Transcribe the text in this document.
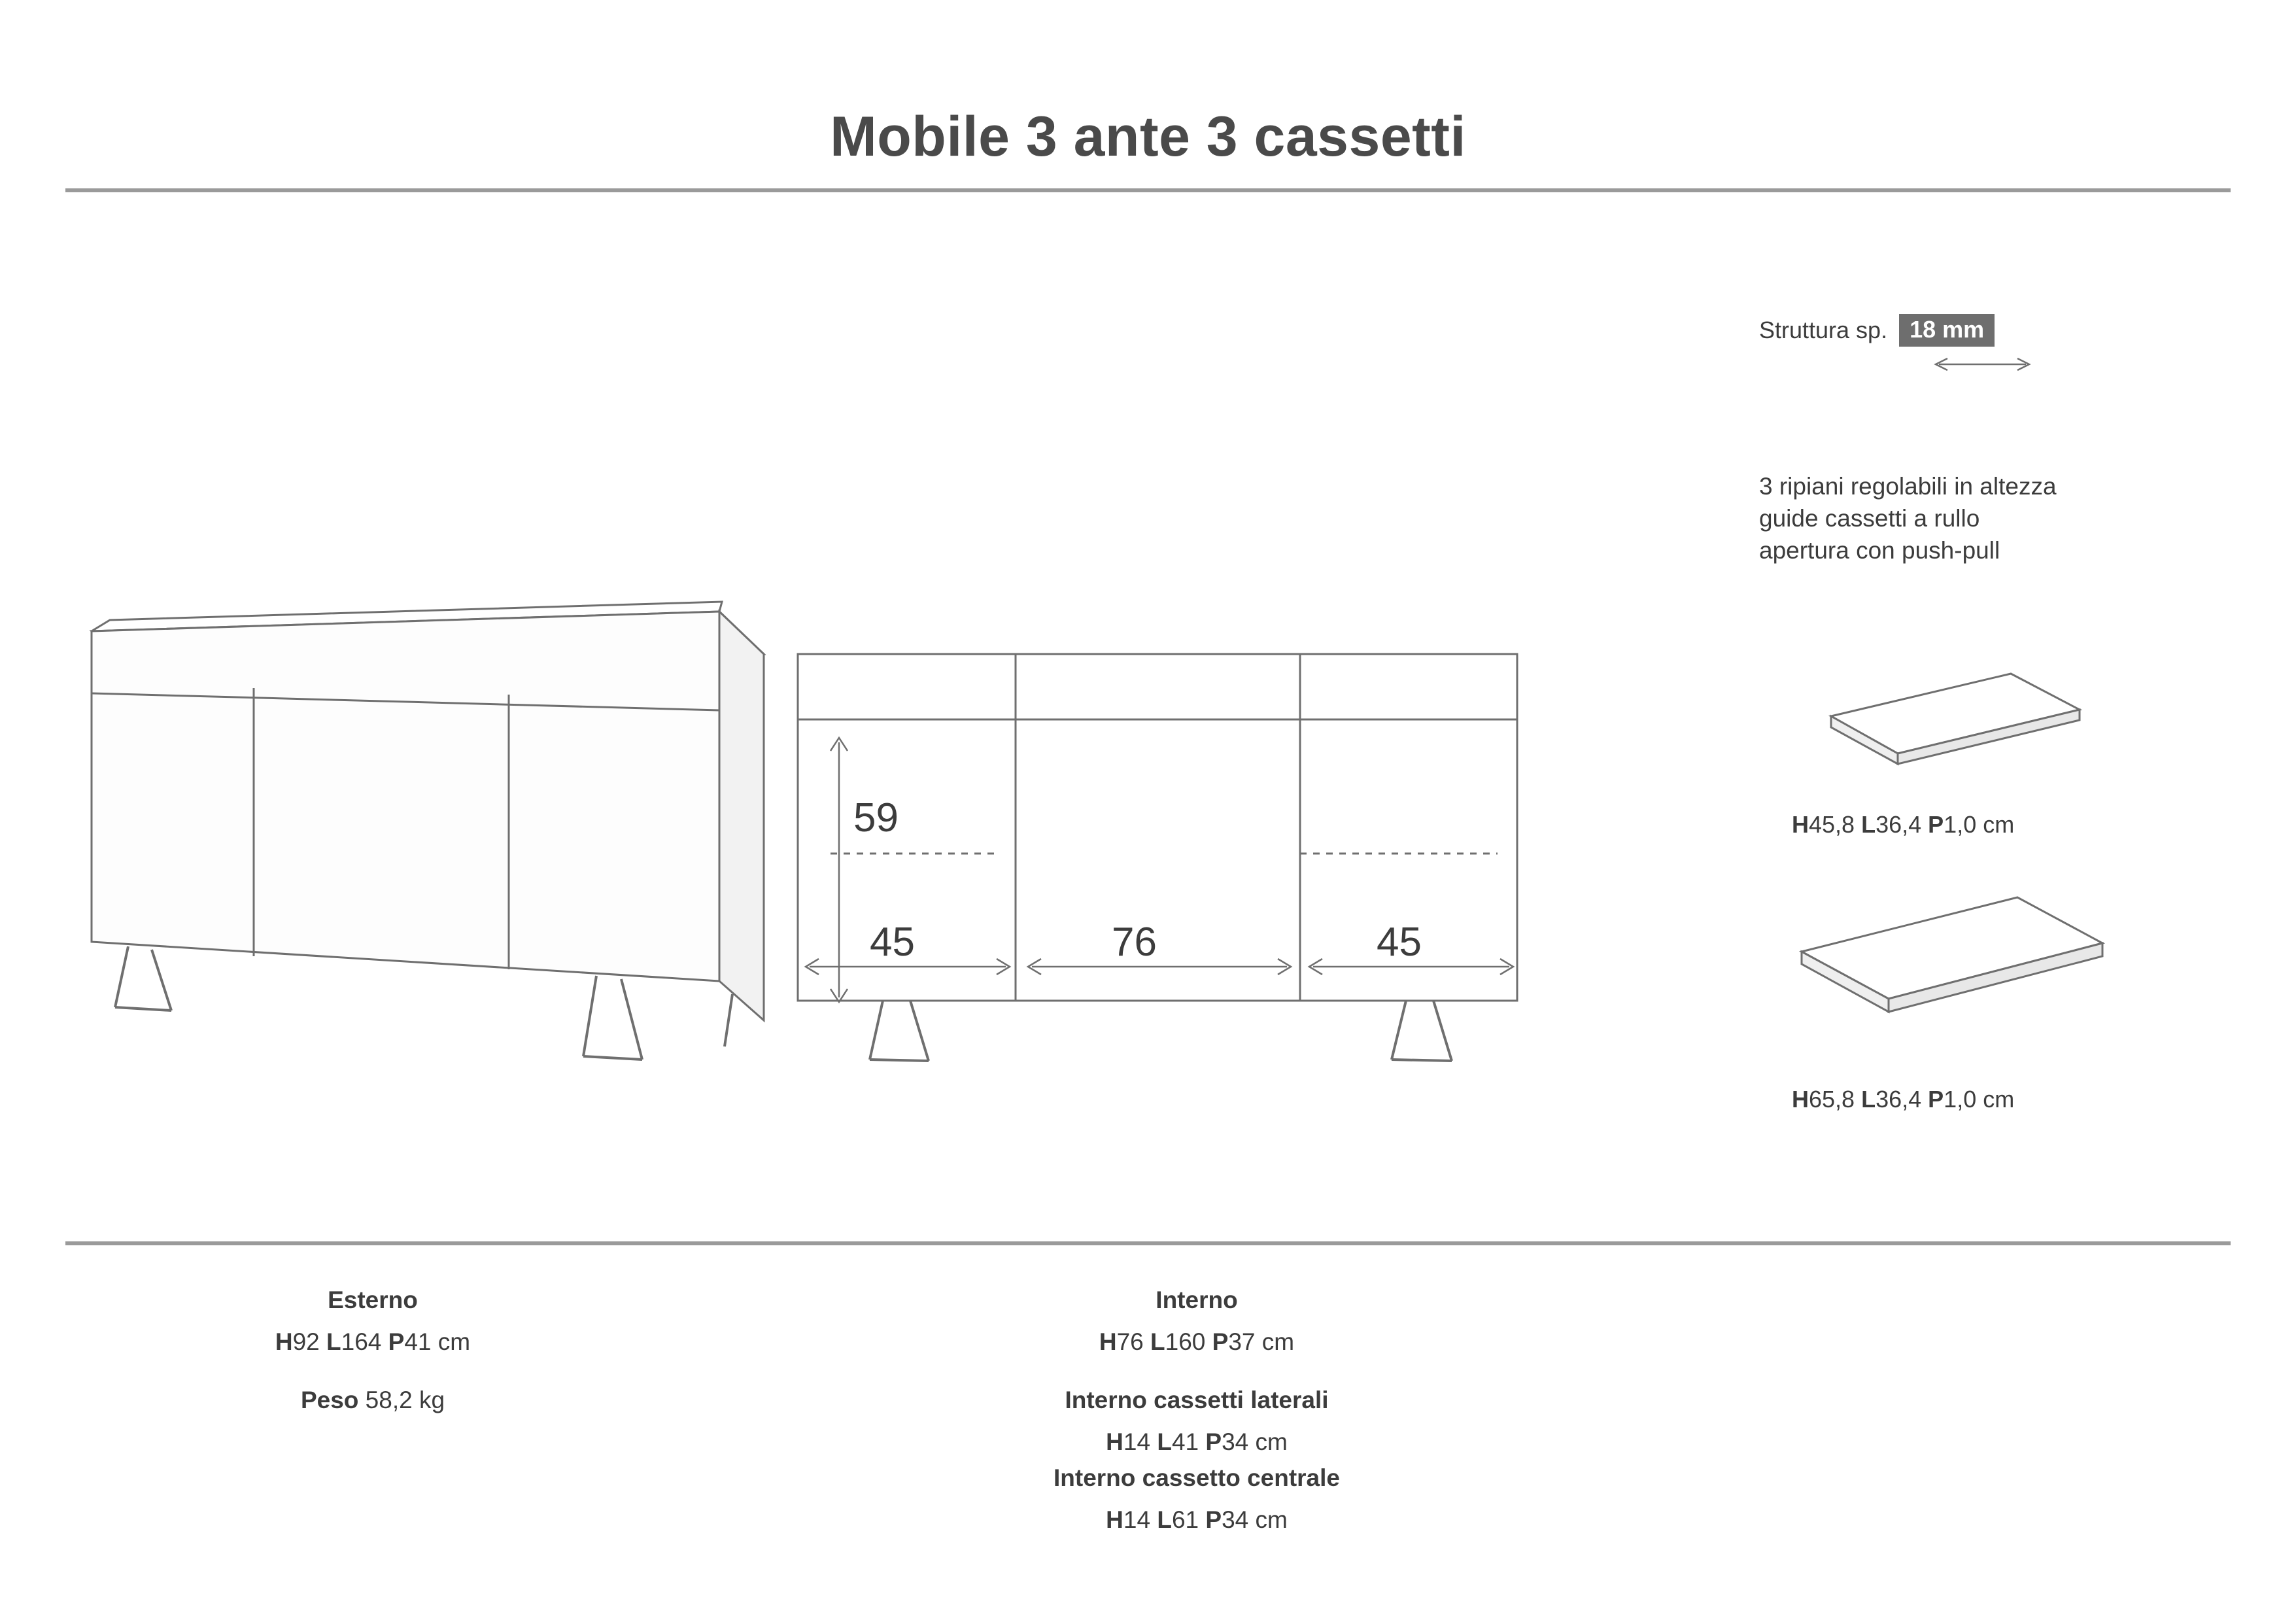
Mobile 3 ante 3 cassetti
Struttura sp. 18 mm
3 ripiani regolabili in altezza
guide cassetti a rullo
apertura con push-pull
H45,8 L36,4 P1,0 cm
H65,8 L36,4 P1,0 cm
59
45	76	45
Esterno
H92 L164 P41 cm
Peso 58,2 kg
Interno
H76 L160 P37 cm
Interno cassetti laterali
H14 L41 P34 cm
Interno cassetto centrale
H14 L61 P34 cm
